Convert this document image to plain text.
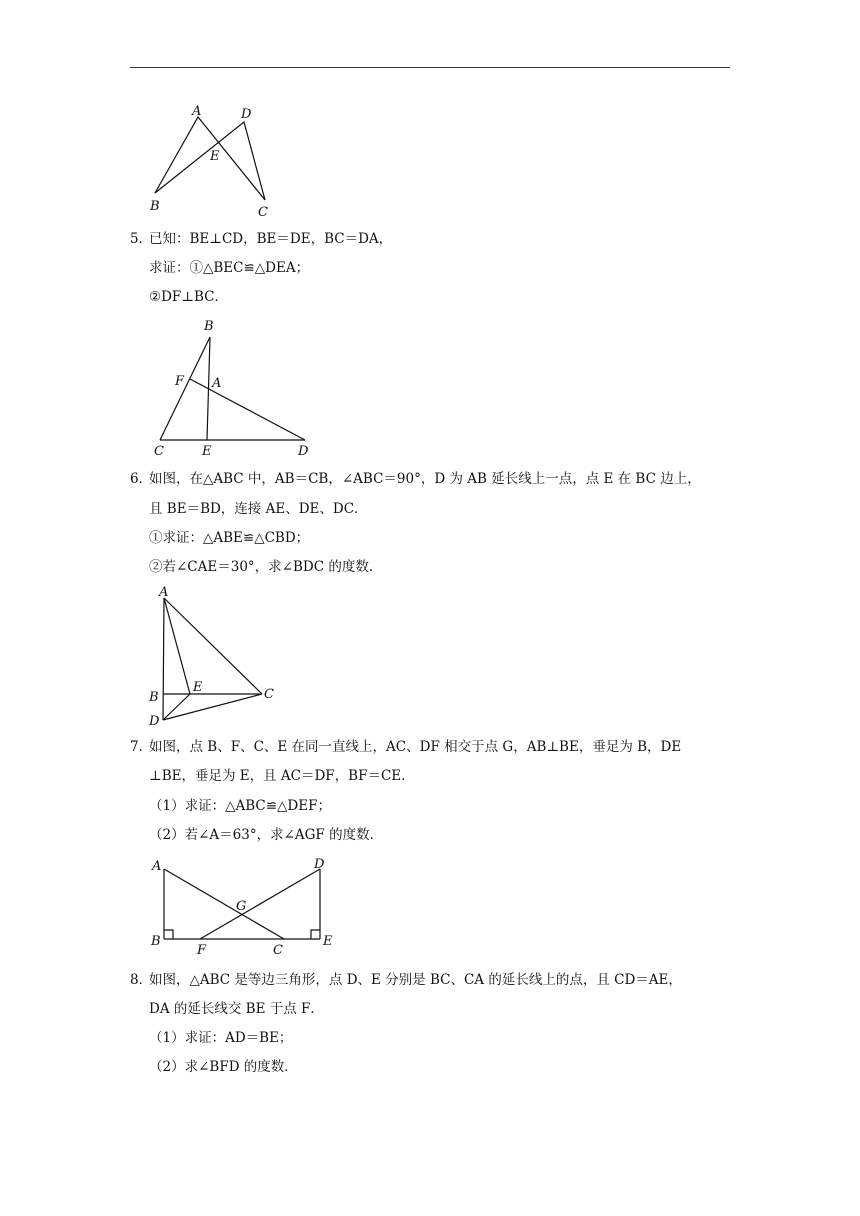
A	D
E
B	C
5．
已知：BE⊥CD，BE＝DE，BC＝DA，
求证：①△BEC≌△DEA；
②DF⊥BC．
B
F A
C	E	D
6．
如图，在△ABC 中，AB＝CB，∠ABC＝90°，D 为 AB 延长线上一点，点 E 在 BC 边上，
且 BE＝BD，连接 AE、DE、DC．
①求证：△ABE≌△CBD；
②若∠CAE＝30°，求∠BDC 的度数．
A
E	C
B
D
7．
如图，点 B、F、C、E 在同一直线上，AC、DF 相交于点 G，AB⊥BE，垂足为 B，DE
⊥BE，垂足为 E，且 AC＝DF，BF＝CE．
（1）求证：△ABC≌△DEF；
（2）若∠A＝63°，求∠AGF 的度数．
A	D
G
B
F	C
E
8．
如图，△ABC 是等边三角形，点 D、E 分别是 BC、CA 的延长线上的点，且 CD＝AE，
DA 的延长线交 BE 于点 F．
（1）求证：AD＝BE；
（2）求∠BFD 的度数．
